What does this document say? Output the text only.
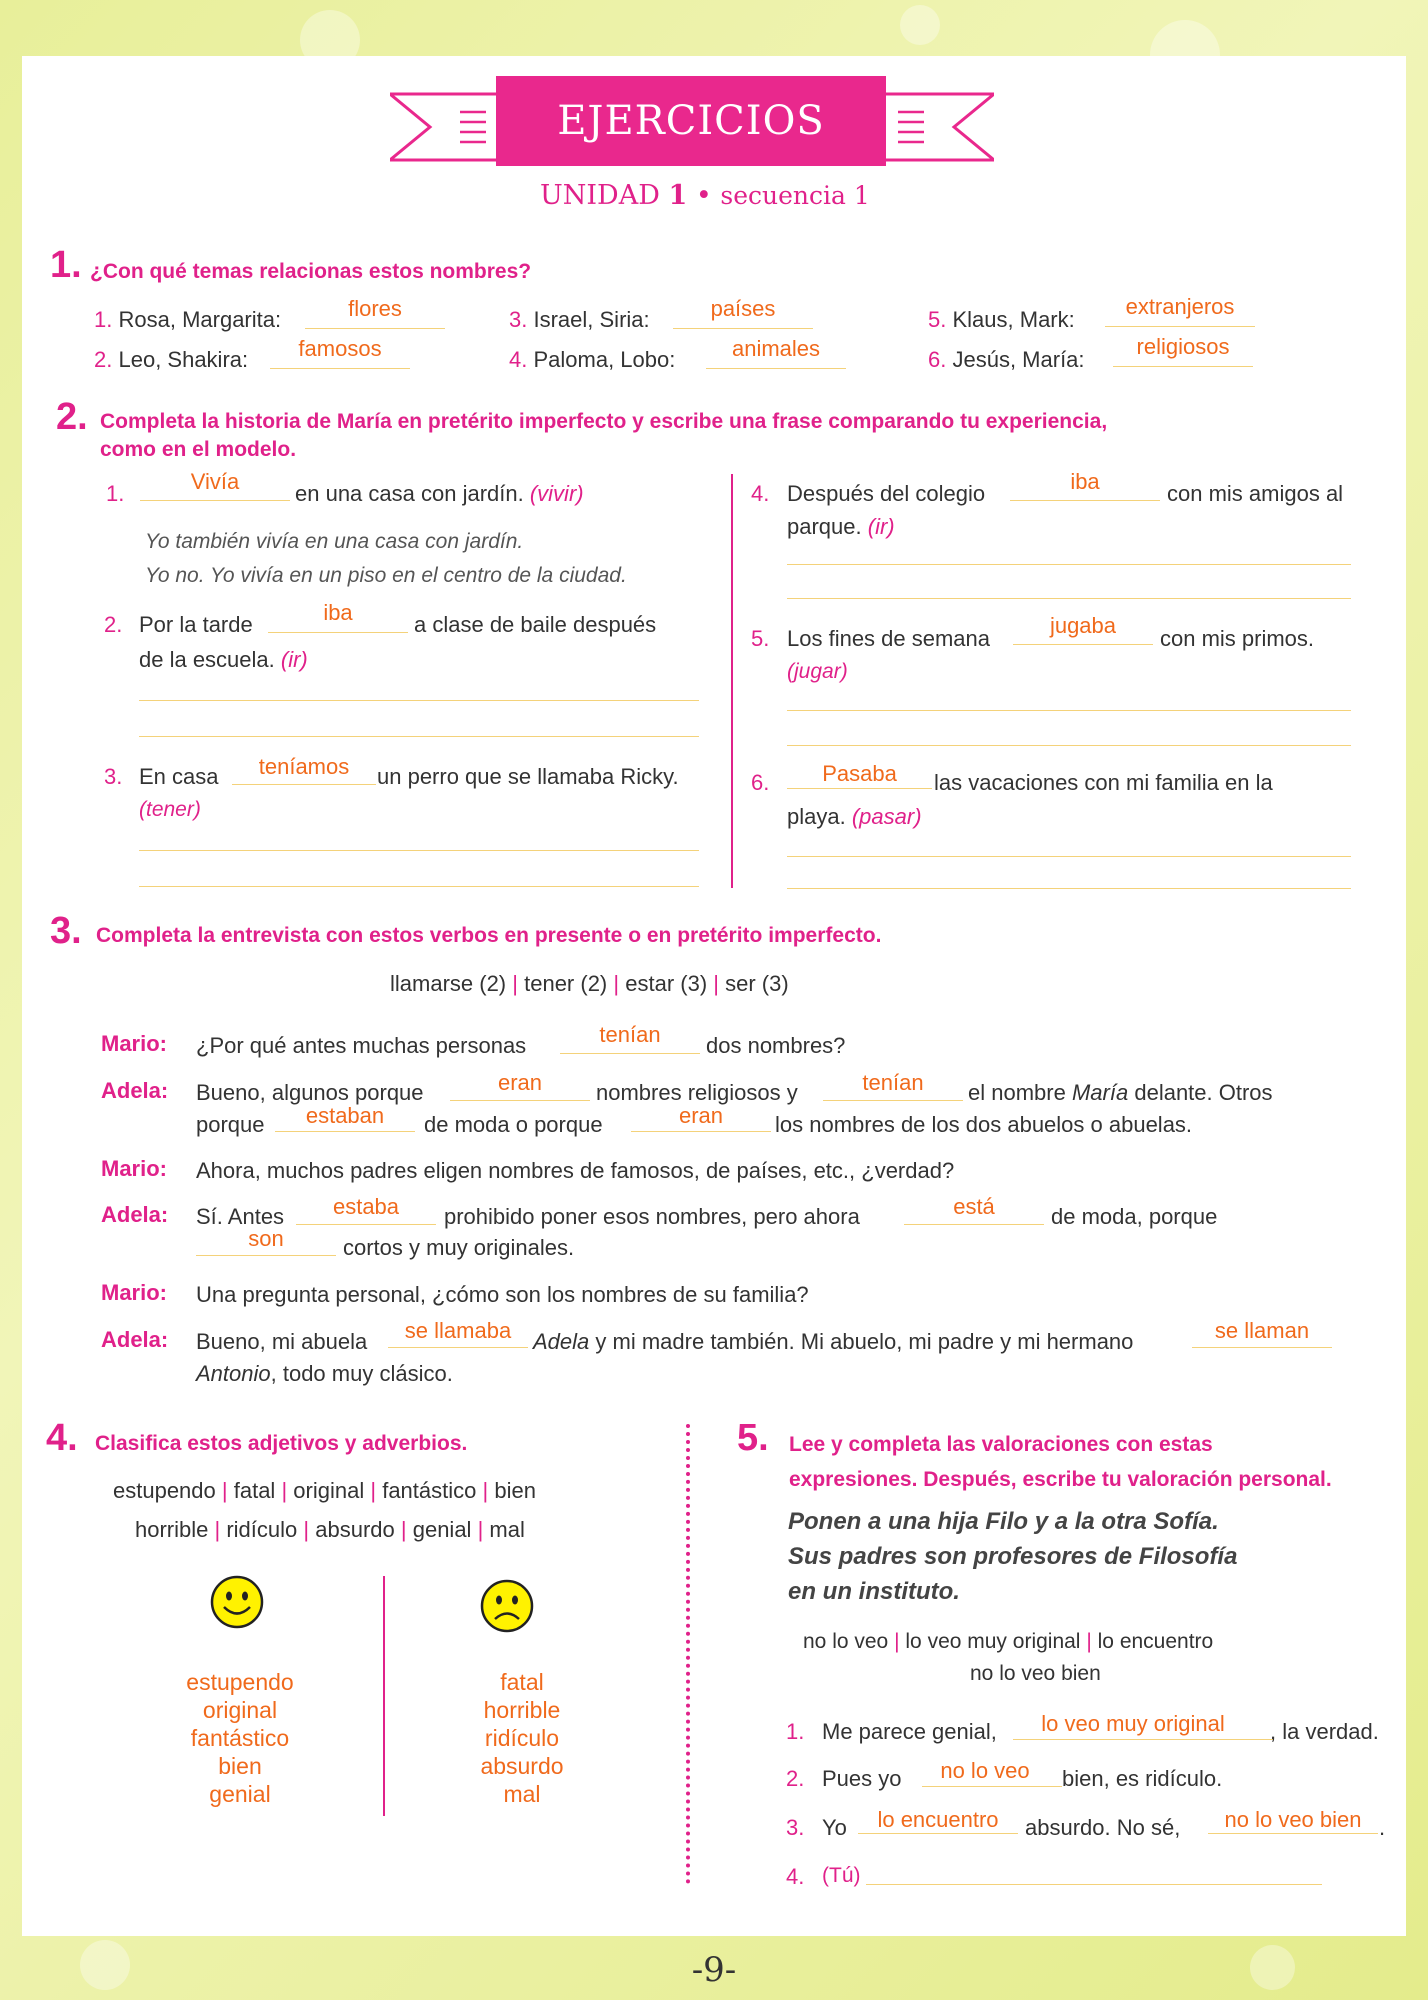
EJERCICIOS
UNIDAD 1 • secuencia 1
1. ¿Con qué temas relacionas estos nombres?
1. Rosa, Margarita:	flores
2. Leo, Shakira:	famosos
3. Israel, Siria:	países
4. Paloma, Lobo:	animales
5. Klaus, Mark:
extranjeros
6. Jesús, María:
religiosos
2. Completa la historia de María en pretérito imperfecto y escribe una frase comparando tu experiencia,
como en el modelo.
1.	Vivía	en una casa con jardín. (vivir)
Yo también vivía en una casa con jardín.
Yo no. Yo vivía en un piso en el centro de la ciudad.
2. Por la tarde	iba	a clase de baile después
de la escuela. (ir)
3. En casa	teníamos	un perro que se llamaba Ricky.
(tener)
4. Después del colegio	iba	con mis amigos al
parque. (ir)
5. Los fines de semana
jugaba
con mis primos.
(jugar)
6.	Pasaba	las vacaciones con mi familia en la
playa. (pasar)
3. Completa la entrevista con estos verbos en presente o en pretérito imperfecto.
llamarse (2) | tener (2) | estar (3) | ser (3)
Mario: ¿Por qué antes muchas personas	tenían	dos nombres?
Adela: Bueno, algunos porque	eran	nombres religiosos y	tenían	el nombre María delante. Otros
porque	estaban	de moda o porque	eran	los nombres de los dos abuelos o abuelas.
Mario: Ahora, muchos padres eligen nombres de famosos, de países, etc., ¿verdad?
Adela: Sí. Antes	estaba	prohibido poner esos nombres, pero ahora	está	de moda, porque
son	cortos y muy originales.
Mario: Una pregunta personal, ¿cómo son los nombres de su familia?
Adela: Bueno, mi abuela	se llamaba Adela y mi madre también. Mi abuelo, mi padre y mi hermano	se llaman
Antonio, todo muy clásico.
4. Clasifica estos adjetivos y adverbios.
estupendo | fatal | original | fantástico | bien
horrible | ridículo | absurdo | genial | mal
estupendo
original
fantástico
bien
genial
fatal
horrible
ridículo
absurdo
mal
5. Lee y completa las valoraciones con estas
expresiones. Después, escribe tu valoración personal.
Ponen a una hija Filo y a la otra Sofía.
Sus padres son profesores de Filosofía
en un instituto.
no lo veo | lo veo muy original | lo encuentro
no lo veo bien
1. Me parece genial,	lo veo muy original	, la verdad.
2. Pues yo	no lo veo	bien, es ridículo.
3. Yo	lo encuentro	absurdo. No sé,	no lo veo bien .
4. (Tú)
-9-
